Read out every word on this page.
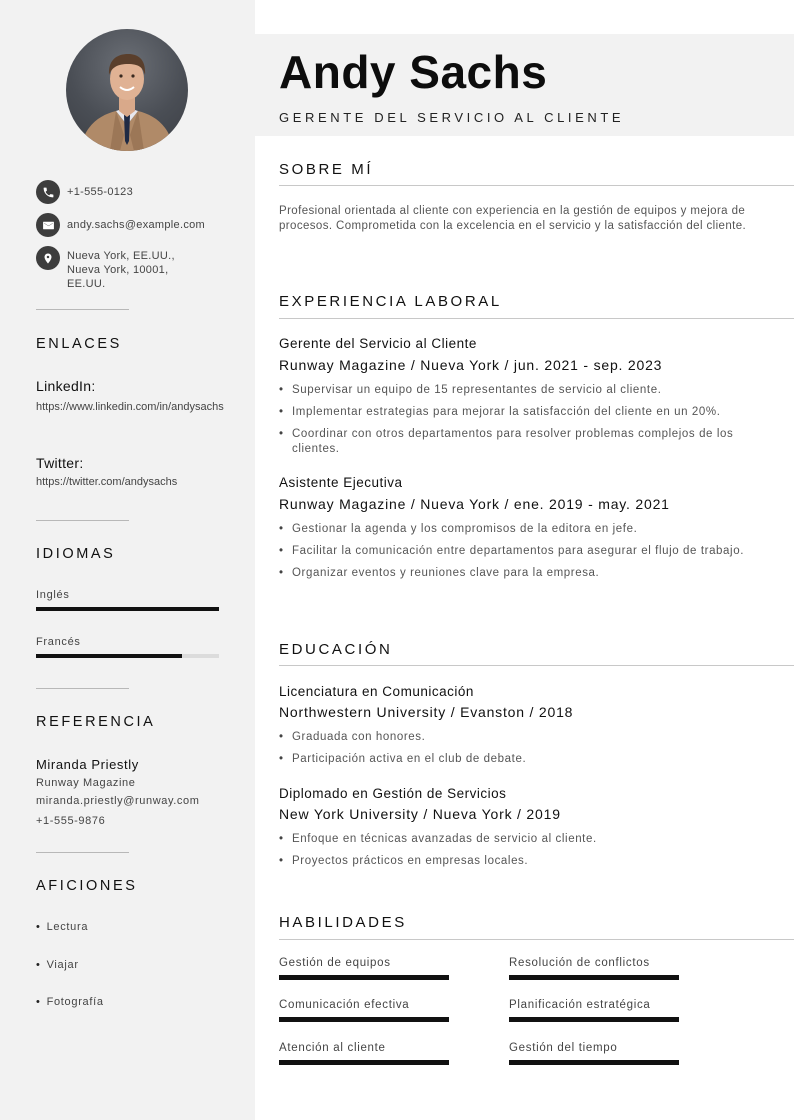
+1-555-0123
andy.sachs@example.com
Nueva York, EE.UU.,
Nueva York, 10001,
EE.UU.
ENLACES
LinkedIn:
https://www.linkedin.com/in/andysachs
Twitter:
https://twitter.com/andysachs
IDIOMAS
Inglés
Francés
REFERENCIA
Miranda Priestly
Runway Magazine
miranda.priestly@runway.com
+1-555-9876
AFICIONES
• Lectura
• Viajar
• Fotografía
Andy Sachs
GERENTE DEL SERVICIO AL CLIENTE
SOBRE MÍ
Profesional orientada al cliente con experiencia en la gestión de equipos y mejora de procesos. Comprometida con la excelencia en el servicio y la satisfacción del cliente.
EXPERIENCIA LABORAL
Gerente del Servicio al Cliente
Runway Magazine / Nueva York / jun. 2021 - sep. 2023
• Supervisar un equipo de 15 representantes de servicio al cliente.
• Implementar estrategias para mejorar la satisfacción del cliente en un 20%.
• Coordinar con otros departamentos para resolver problemas complejos de los clientes.
Asistente Ejecutiva
Runway Magazine / Nueva York / ene. 2019 - may. 2021
• Gestionar la agenda y los compromisos de la editora en jefe.
• Facilitar la comunicación entre departamentos para asegurar el flujo de trabajo.
• Organizar eventos y reuniones clave para la empresa.
EDUCACIÓN
Licenciatura en Comunicación
Northwestern University / Evanston / 2018
• Graduada con honores.
• Participación activa en el club de debate.
Diplomado en Gestión de Servicios
New York University / Nueva York / 2019
• Enfoque en técnicas avanzadas de servicio al cliente.
• Proyectos prácticos en empresas locales.
HABILIDADES
Gestión de equipos	Resolución de conflictos
Comunicación efectiva	Planificación estratégica
Atención al cliente	Gestión del tiempo
